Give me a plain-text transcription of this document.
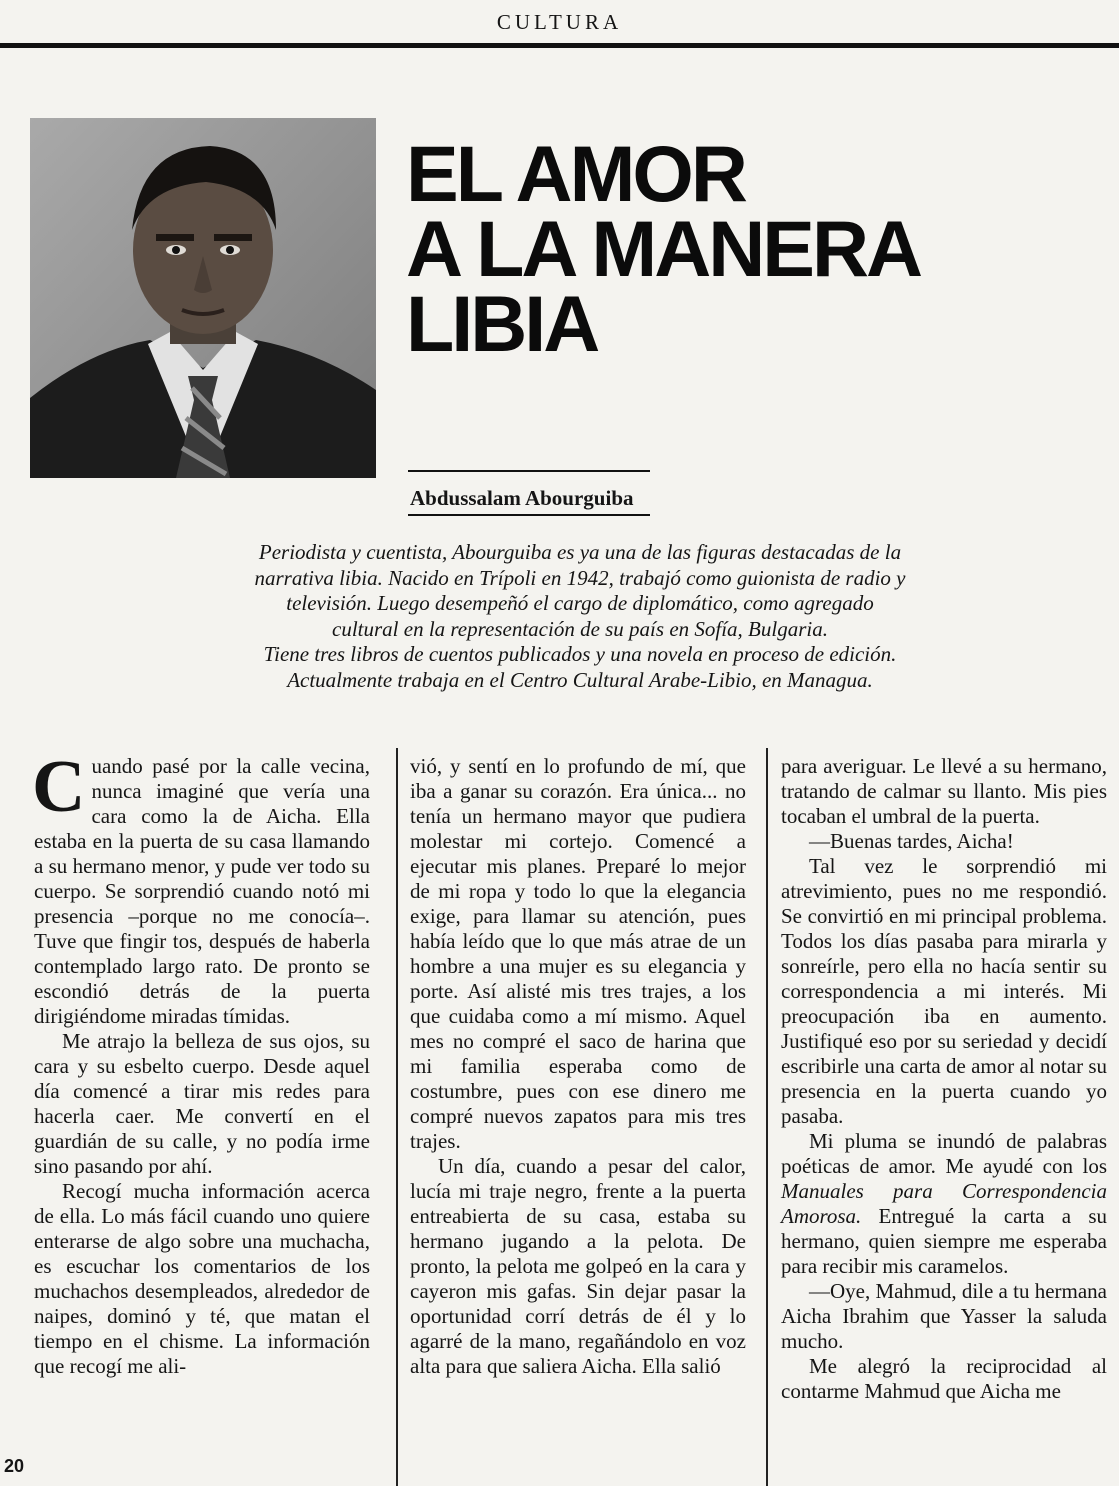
CULTURA
EL AMOR
A LA MANERA
LIBIA
Abdussalam Abourguiba

Periodista y cuentista, Abourguiba es ya una de las figuras destacadas de la
narrativa libia. Nacido en Trípoli en 1942, trabajó como guionista de radio y
televisión. Luego desempeñó el cargo de diplomático, como agregado
cultural en la representación de su país en Sofía, Bulgaria.
Tiene tres libros de cuentos publicados y una novela en proceso de edición.
Actualmente trabaja en el Centro Cultural Arabe-Libio, en Managua.

Cuando pasé por la calle vecina, nunca imaginé que vería una cara como la de Aicha. Ella estaba en la puerta de su casa llamando a su hermano menor, y pude ver todo su cuerpo. Se sorprendió cuando notó mi presencia –porque no me conocía–. Tuve que fingir tos, después de haberla contemplado largo rato. De pronto se escondió detrás de la puerta dirigiéndome miradas tímidas.

Me atrajo la belleza de sus ojos, su cara y su esbelto cuerpo. Desde aquel día comencé a tirar mis redes para hacerla caer. Me convertí en el guardián de su calle, y no podía irme sino pasando por ahí.

Recogí mucha información acerca de ella. Lo más fácil cuando uno quiere enterarse de algo sobre una muchacha, es escuchar los comentarios de los muchachos desempleados, alrededor de naipes, dominó y té, que matan el tiempo en el chisme. La información que recogí me ali-

vió, y sentí en lo profundo de mí, que iba a ganar su corazón. Era única... no tenía un hermano mayor que pudiera molestar mi cortejo. Comencé a ejecutar mis planes. Preparé lo mejor de mi ropa y todo lo que la elegancia exige, para llamar su atención, pues había leído que lo que más atrae de un hombre a una mujer es su elegancia y porte. Así alisté mis tres trajes, a los que cuidaba como a mí mismo. Aquel mes no compré el saco de harina que mi familia esperaba como de costumbre, pues con ese dinero me compré nuevos zapatos para mis tres trajes.

Un día, cuando a pesar del calor, lucía mi traje negro, frente a la puerta entreabierta de su casa, estaba su hermano jugando a la pelota. De pronto, la pelota me golpeó en la cara y cayeron mis gafas. Sin dejar pasar la oportunidad corrí detrás de él y lo agarré de la mano, regañándolo en voz alta para que saliera Aicha. Ella salió

para averiguar. Le llevé a su hermano, tratando de calmar su llanto. Mis pies tocaban el umbral de la puerta.

—Buenas tardes, Aicha!

Tal vez le sorprendió mi atrevimiento, pues no me respondió. Se convirtió en mi principal problema. Todos los días pasaba para mirarla y sonreírle, pero ella no hacía sentir su correspondencia a mi interés. Mi preocupación iba en aumento. Justifiqué eso por su seriedad y decidí escribirle una carta de amor al notar su presencia en la puerta cuando yo pasaba.

Mi pluma se inundó de palabras poéticas de amor. Me ayudé con los Manuales para Correspondencia Amorosa. Entregué la carta a su hermano, quien siempre me esperaba para recibir mis caramelos.

—Oye, Mahmud, dile a tu hermana Aicha Ibrahim que Yasser la saluda mucho.

Me alegró la reciprocidad al contarme Mahmud que Aicha me

20
